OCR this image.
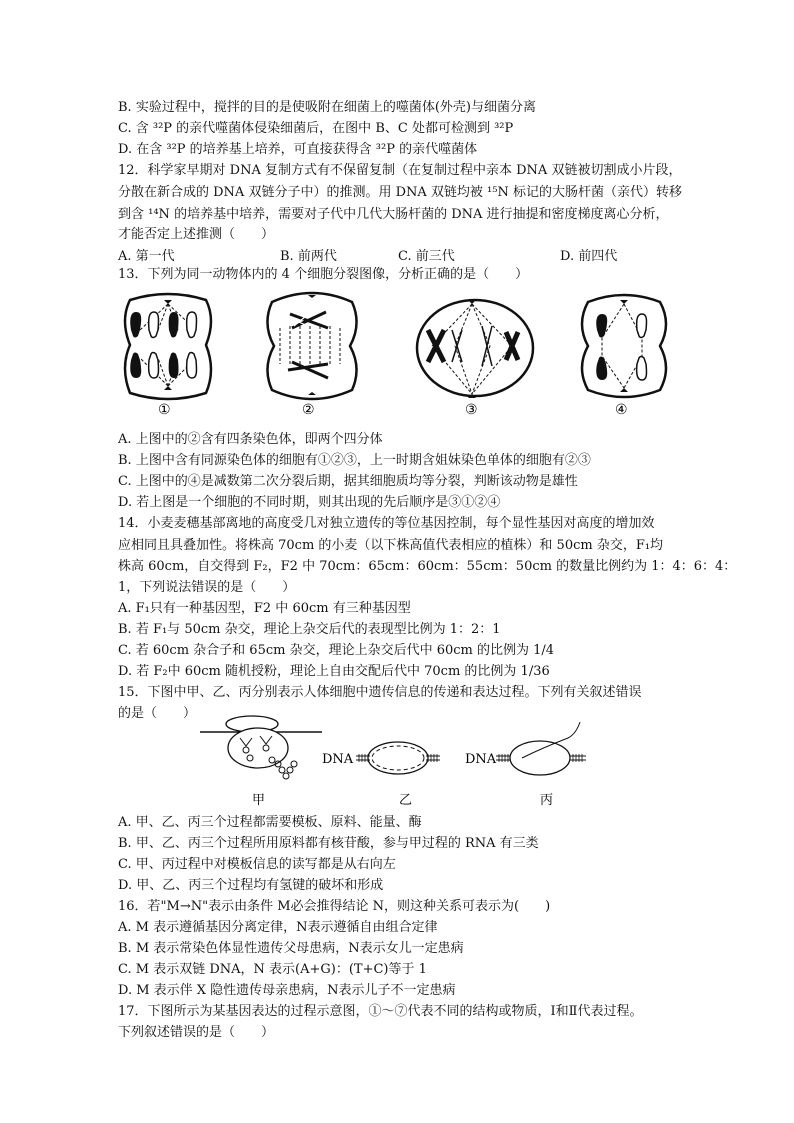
B. 实验过程中，搅拌的目的是使吸附在细菌上的噬菌体(外壳)与细菌分离
C. 含 ³²P 的亲代噬菌体侵染细菌后，在图中 B、C 处都可检测到 ³²P
D. 在含 ³²P 的培养基上培养，可直接获得含 ³²P 的亲代噬菌体
12．科学家早期对 DNA 复制方式有不保留复制（在复制过程中亲本 DNA 双链被切割成小片段，
分散在新合成的 DNA 双链分子中）的推测。用 DNA 双链均被 ¹⁵N 标记的大肠杆菌（亲代）转移
到含 ¹⁴N 的培养基中培养，需要对子代中几代大肠杆菌的 DNA 进行抽提和密度梯度离心分析，
才能否定上述推测（　　）
A. 第一代	B. 前两代	C. 前三代	D. 前四代
13．下列为同一动物体内的 4 个细胞分裂图像，分析正确的是（　　）
①	②	③	④
A. 上图中的②含有四条染色体，即两个四分体
B. 上图中含有同源染色体的细胞有①②③，上一时期含姐妹染色单体的细胞有②③
C. 上图中的④是减数第二次分裂后期，据其细胞质均等分裂，判断该动物是雄性
D. 若上图是一个细胞的不同时期，则其出现的先后顺序是③①②④
14．小麦麦穗基部离地的高度受几对独立遗传的等位基因控制，每个显性基因对高度的增加效
应相同且具叠加性。将株高 70cm 的小麦（以下株高值代表相应的植株）和 50cm 杂交，F₁均
株高 60cm，自交得到 F₂，F2 中 70cm：65cm：60cm：55cm：50cm 的数量比例约为 1：4：6：4：
1，下列说法错误的是（　　）
A. F₁只有一种基因型，F2 中 60cm 有三种基因型
B. 若 F₁与 50cm 杂交，理论上杂交后代的表现型比例为 1：2：1
C. 若 60cm 杂合子和 65cm 杂交，理论上杂交后代中 60cm 的比例为 1/4
D. 若 F₂中 60cm 随机授粉，理论上自由交配后代中 70cm 的比例为 1/36
15．下图中甲、乙、丙分别表示人体细胞中遗传信息的传递和表达过程。下列有关叙述错误
的是（　　）
DNA	DNA
甲	乙	丙
A. 甲、乙、丙三个过程都需要模板、原料、能量、酶
B. 甲、乙、丙三个过程所用原料都有核苷酸，参与甲过程的 RNA 有三类
C. 甲、丙过程中对模板信息的读写都是从右向左
D. 甲、乙、丙三个过程均有氢键的破坏和形成
16．若"M→N"表示由条件 M必会推得结论 N，则这种关系可表示为(　　)
A. M 表示遵循基因分离定律，N表示遵循自由组合定律
B. M 表示常染色体显性遗传父母患病，N表示女儿一定患病
C. M 表示双链 DNA，N 表示(A+G)：(T+C)等于 1
D. M 表示伴 X 隐性遗传母亲患病，N表示儿子不一定患病
17．下图所示为某基因表达的过程示意图，①～⑦代表不同的结构或物质，Ⅰ和Ⅱ代表过程。
下列叙述错误的是（　　）
